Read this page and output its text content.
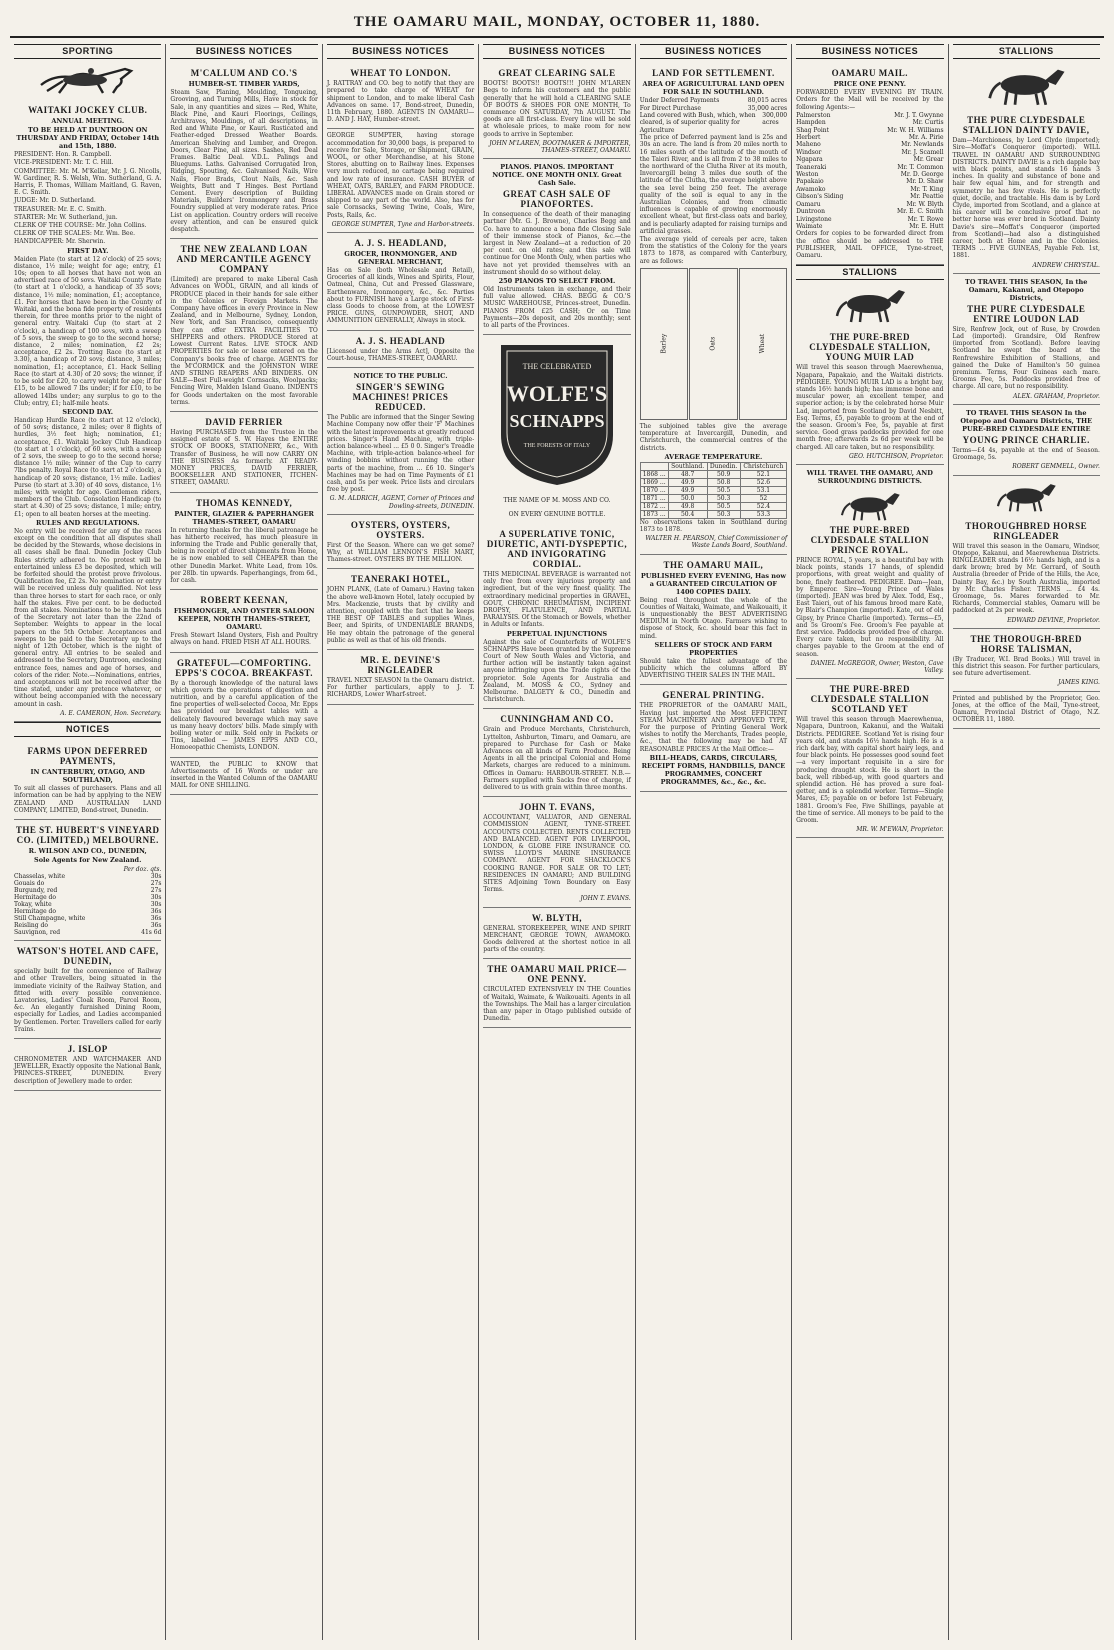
THE OAMARU MAIL, MONDAY, OCTOBER 11, 1880.
SPORTING
WAITAKI JOCKEY CLUB.
ANNUAL MEETING.
TO BE HELD AT DUNTROON ON THURSDAY AND FRIDAY, October 14th and 15th, 1880.

PRESIDENT: Hon. R. Campbell.

VICE-PRESIDENT: Mr. T. C. Hill.

COMMITTEE: Mr. M. M'Kellar, Mr. J. G. Nicolls, W. Gardiner, R. S. Welsh, Wm. Sutherland, G. A. Harris, F. Thomas, William Maitland, G. Raven, E. C. Smith.

JUDGE: Mr. D. Sutherland.

TREASURER: Mr. E. C. Smith.

STARTER: Mr. W. Sutherland, jun.

CLERK OF THE COURSE: Mr. John Collins.

CLERK OF THE SCALES: Mr. Wm. Bee.

HANDICAPPER: Mr. Sherwin.

FIRST DAY.

Maiden Plate (to start at 12 o'clock) of 25 sovs; distance, 1½ mile; weight for age; entry, £1 10s; open to all horses that have not won an advertised race of 50 sovs. Waitaki County Plate (to start at 1 o'clock), a handicap of 35 sovs; distance, 1½ mile; nomination, £1; acceptance, £1. For horses that have been in the County of Waitaki, and the bona fide property of residents therein, for three months prior to the night of general entry. Waitaki Cup (to start at 2 o'clock), a handicap of 100 sovs, with a sweep of 5 sovs, the sweep to go to the second horse; distance, 2 miles; nomination, £2 2s; acceptance, £2 2s. Trotting Race (to start at 3.30), a handicap of 20 sovs; distance, 3 miles; nomination, £1; acceptance, £1. Hack Selling Race (to start at 4.30) of 20 sovs; the winner, if to be sold for £20, to carry weight for age; if for £15, to be allowed 7 lbs under; if for £10, to be allowed 14lbs under; any surplus to go to the Club; entry, £1; half-mile heats.

SECOND DAY.

Handicap Hurdle Race (to start at 12 o'clock), of 50 sovs; distance, 2 miles; over 8 flights of hurdles, 3½ feet high; nomination, £1; acceptance, £1. Waitaki Jockey Club Handicap (to start at 1 o'clock), of 60 sovs, with a sweep of 2 sovs, the sweep to go to the second horse; distance 1½ mile; winner of the Cup to carry 7lbs penalty. Royal Race (to start at 2 o'clock), a handicap of 20 sovs; distance, 1½ mile. Ladies' Purse (to start at 3.30) of 40 sovs, distance, 1½ miles; with weight for age. Gentlemen riders, members of the Club. Consolation Handicap (to start at 4.30) of 25 sovs; distance, 1 mile; entry, £1; open to all beaten horses at the meeting.

RULES AND REGULATIONS.

No entry will be received for any of the races except on the condition that all disputes shall be decided by the Stewards, whose decisions in all cases shall be final. Dunedin Jockey Club Rules strictly adhered to. No protest will be entertained unless £3 be deposited, which will be forfeited should the protest prove frivolous. Qualification fee, £2 2s. No nomination or entry will be received unless duly qualified. Not less than three horses to start for each race, or only half the stakes. Five per cent. to be deducted from all stakes. Nominations to be in the hands of the Secretary not later than the 22nd of September. Weights to appear in the local papers on the 5th October. Acceptances and sweeps to be paid to the Secretary up to the night of 12th October, which is the night of general entry. All entries to be sealed and addressed to the Secretary, Duntroon, enclosing entrance fees, names and age of horses, and colors of the rider. Note.—Nominations, entries, and acceptances will not be received after the time stated, under any pretence whatever, or without being accompanied with the necessary amount in cash.

A. E. CAMERON, Hon. Secretary.
NOTICES
FARMS UPON DEFERRED PAYMENTS,
IN CANTERBURY, OTAGO, AND SOUTHLAND,

To suit all classes of purchasers. Plans and all information can be had by applying to the NEW ZEALAND AND AUSTRALIAN LAND COMPANY, LIMITED, Bond-street, Dunedin.

THE ST. HUBERT'S VINEYARD CO. (LIMITED,) MELBOURNE.
R. WILSON AND CO., DUNEDIN,
Sole Agents for New Zealand.
Per doz. qts.
Chasselas, white	30s
Gouais do	27s
Burgundy, red	27s
Hermitage do	30s
Tokay, white	30s
Hermitage do	36s
Still Champagne, white	36s
Reisling do	36s
Sauvignon, red	41s 6d
WATSON'S HOTEL AND CAFE, DUNEDIN,

specially built for the convenience of Railway and other Travellers, being situated in the immediate vicinity of the Railway Station, and fitted with every possible convenience. Lavatories, Ladies' Cloak Room, Parcel Room, &c. An elegantly furnished Dining Room, especially for Ladies, and Ladies accompanied by Gentlemen. Porter. Travellers called for early Trains.

J. ISLOP

CHRONOMETER AND WATCHMAKER AND JEWELLER, Exactly opposite the National Bank, PRINCES-STREET, DUNEDIN. Every description of Jewellery made to order.

BUSINESS NOTICES
M'CALLUM AND CO.'S
HUMBER-ST. TIMBER YARDS,

Steam Saw, Planing, Moulding, Tongueing, Grooving, and Turning Mills, Have in stock for Sale, in any quantities and sizes — Red, White, Black Pine, and Kauri Floorings, Ceilings, Architraves, Mouldings, of all descriptions, in Red and White Pine, or Kauri. Rusticated and Feather-edged Dressed Weather Boards. American Shelving and Lumber, and Oregon. Doors, Clear Pine, all sizes. Sashes, Red Deal Frames. Baltic Deal. V.D.L. Palings and Bluegums. Laths. Galvanised Corrugated Iron, Ridging, Spouting, &c. Galvanised Nails, Wire Nails, Floor Brads, Clout Nails, &c. Sash Weights, Butt and T Hinges. Best Portland Cement. Every description of Building Materials, Builders' Ironmongery and Brass Foundry supplied at very moderate rates. Price List on application. Country orders will receive every attention, and can be ensured quick despatch.

THE NEW ZEALAND LOAN AND MERCANTILE AGENCY COMPANY

(Limited) are prepared to make Liberal Cash Advances on WOOL, GRAIN, and all kinds of PRODUCE placed in their hands for sale either in the Colonies or Foreign Markets. The Company have offices in every Province in New Zealand, and in Melbourne, Sydney, London, New York, and San Francisco, consequently they can offer EXTRA FACILITIES TO SHIPPERS and others. PRODUCE Stored at Lowest Current Rates. LIVE STOCK AND PROPERTIES for sale or lease entered on the Company's books free of charge. AGENTS for the M'CORMICK and the JOHNSTON WIRE AND STRING REAPERS AND BINDERS. ON SALE—Best Full-weight Cornsacks, Woolpacks; Fencing Wire, Malden Island Guano. INDENTS for Goods undertaken on the most favorable terms.

DAVID FERRIER

Having PURCHASED from the Trustee in the assigned estate of S. W. Hayes the ENTIRE STOCK OF BOOKS, STATIONERY, &c., With Transfer of Business, he will now CARRY ON THE BUSINESS As formerly. AT READY-MONEY PRICES, DAVID FERRIER, BOOKSELLER AND STATIONER, ITCHEN-STREET, OAMARU.

THOMAS KENNEDY,
PAINTER, GLAZIER & PAPERHANGER THAMES-STREET, OAMARU

In returning thanks for the liberal patronage he has hitherto received, has much pleasure in informing the Trade and Public generally that, being in receipt of direct shipments from Home, he is now enabled to sell CHEAPER than the other Dunedin Market. White Lead, from 10s. per 28lb. tin upwards. Paperhangings, from 6d., for cash.

ROBERT KEENAN,
FISHMONGER, AND OYSTER SALOON KEEPER, NORTH THAMES-STREET, OAMARU.

Fresh Stewart Island Oysters, Fish and Poultry always on hand. FRIED FISH AT ALL HOURS.

GRATEFUL—COMFORTING. EPPS'S COCOA. BREAKFAST.

By a thorough knowledge of the natural laws which govern the operations of digestion and nutrition, and by a careful application of the fine properties of well-selected Cocoa, Mr. Epps has provided our breakfast tables with a delicately flavoured beverage which may save us many heavy doctors' bills. Made simply with boiling water or milk. Sold only in Packets or Tins, labelled — JAMES EPPS AND CO., Homoeopathic Chemists, LONDON.

WANTED, the PUBLIC to KNOW that Advertisements of 16 Words or under are inserted in the Wanted Column of the OAMARU MAIL for ONE SHILLING.

BUSINESS NOTICES
WHEAT TO LONDON.

J. RATTRAY and CO. beg to notify that they are prepared to take charge of WHEAT for shipment to London, and to make liberal Cash Advances on same. 17, Bond-street, Dunedin, 11th February, 1880. AGENTS IN OAMARU— D. AND J. HAY, Humber-street.

GEORGE SUMPTER, having storage accommodation for 30,000 bags, is prepared to receive for Sale, Storage, or Shipment, GRAIN, WOOL, or other Merchandise, at his Stone Stores, abutting on to Railway lines. Expenses very much reduced, no cartage being required and low rate of insurance. CASH BUYER of WHEAT, OATS, BARLEY, and FARM PRODUCE. LIBERAL ADVANCES made on Grain stored or shipped to any part of the world. Also, has for sale Cornsacks, Sewing Twine, Coals, Wire, Posts, Rails, &c.

GEORGE SUMPTER, Tyne and Harbor-streets.
A. J. S. HEADLAND,
GROCER, IRONMONGER, AND GENERAL MERCHANT,

Has on Sale (both Wholesale and Retail), Groceries of all kinds, Wines and Spirits, Flour, Oatmeal, China, Cut and Pressed Glassware, Earthenware, Ironmongery, &c., &c. Parties about to FURNISH have a Large stock of First-class Goods to choose from, at the LOWEST PRICE. GUNS, GUNPOWDER, SHOT, AND AMMUNITION GENERALLY, Always in stock.

A. J. S. HEADLAND

[Licensed under the Arms Act], Opposite the Court-house, THAMES-STREET, OAMARU.

NOTICE TO THE PUBLIC.
SINGER'S SEWING MACHINES! PRICES REDUCED.

The Public are informed that the Singer Sewing Machine Company now offer their 'F' Machines with the latest improvements at greatly reduced prices. Singer's Hand Machine, with triple-action balance-wheel ... £5 0 0. Singer's Treadle Machine, with triple-action balance-wheel for winding bobbins without running the other parts of the machine, from ... £6 10. Singer's Machines may be had on Time Payments of £1 cash, and 5s per week. Price lists and circulars free by post.

G. M. ALDRICH, AGENT, Corner of Princes and Dowling-streets, DUNEDIN.
OYSTERS, OYSTERS, OYSTERS.

First Of the Season. Where can we get some? Why, at WILLIAM LENNON'S FISH MART, Thames-street. OYSTERS BY THE MILLION.

TEANERAKI HOTEL,

JOHN PLANK, (Late of Oamaru.) Having taken the above well-known Hotel, lately occupied by Mrs. Mackenzie, trusts that by civility and attention, coupled with the fact that he keeps THE BEST OF TABLES and supplies Wines, Beer, and Spirits, of UNDENIABLE BRANDS, He may obtain the patronage of the general public as well as that of his old friends.

MR. E. DEVINE'S RINGLEADER

TRAVEL NEXT SEASON In the Oamaru district. For further particulars, apply to J. T. RICHARDS, Lower Wharf-street.

BUSINESS NOTICES
GREAT CLEARING SALE

BOOTS! BOOTS!! BOOTS!!! JOHN M'LAREN Begs to inform his customers and the public generally that he will hold a CLEARING SALE OF BOOTS & SHOES FOR ONE MONTH, To commence ON SATURDAY, 7th AUGUST. The goods are all first-class. Every line will be sold at wholesale prices, to make room for new goods to arrive in September.

JOHN M'LAREN, BOOTMAKER & IMPORTER, THAMES-STREET, OAMARU.
PIANOS. PIANOS. IMPORTANT NOTICE. ONE MONTH ONLY. Great Cash Sale.
GREAT CASH SALE OF PIANOFORTES.

In consequence of the death of their managing partner (Mr. G. J. Browne), Charles Begg and Co. have to announce a bona fide Closing Sale of their immense stock of Pianos, &c.—the largest in New Zealand—at a reduction of 20 per cent. on old rates; and this sale will continue for One Month Only, when parties who have not yet provided themselves with an instrument should do so without delay.

250 PIANOS TO SELECT FROM.

Old Instruments taken in exchange, and their full value allowed. CHAS. BEGG & CO.'S MUSIC WAREHOUSE, Princes-street, Dunedin. PIANOS FROM £25 CASH; Or on Time Payments—20s deposit, and 20s monthly; sent to all parts of the Provinces.

THE CELEBRATED
WOLFE'S
SCHNAPPS
THE FORESTS OF ITALY

THE NAME OF M. MOSS AND CO.

ON EVERY GENUINE BOTTLE.

A SUPERLATIVE TONIC, DIURETIC, ANTI-DYSPEPTIC, AND INVIGORATING CORDIAL.

THIS MEDICINAL BEVERAGE is warranted not only free from every injurious property and ingredient, but of the very finest quality. The extraordinary medicinal properties in GRAVEL, GOUT, CHRONIC RHEUMATISM, INCIPIENT DROPSY, FLATULENCE, AND PARTIAL PARALYSIS. Of the Stomach or Bowels, whether in Adults or Infants.

PERPETUAL INJUNCTIONS

Against the sale of Counterfeits of WOLFE'S SCHNAPPS Have been granted by the Supreme Court of New South Wales and Victoria, and further action will be instantly taken against anyone infringing upon the Trade rights of the proprietor. Sole Agents for Australia and Zealand, M. MOSS & CO., Sydney and Melbourne. DALGETY & CO., Dunedin and Christchurch.

CUNNINGHAM AND CO.

Grain and Produce Merchants, Christchurch, Lyttelton, Ashburton, Timaru, and Oamaru, are prepared to Purchase for Cash or Make Advances on all kinds of Farm Produce. Being Agents in all the principal Colonial and Home Markets, charges are reduced to a minimum. Offices in Oamaru: HARBOUR-STREET. N.B.—Farmers supplied with Sacks free of charge, if delivered to us with grain within three months.

JOHN T. EVANS,

ACCOUNTANT, VALUATOR, AND GENERAL COMMISSION AGENT, TYNE-STREET. ACCOUNTS COLLECTED. RENTS COLLECTED AND BALANCED. AGENT FOR LIVERPOOL, LONDON, & GLOBE FIRE INSURANCE CO. SWISS LLOYD'S MARINE INSURANCE COMPANY. AGENT FOR SHACKLOCK'S COOKING RANGE. FOR SALE OR TO LET; RESIDENCES IN OAMARU; AND BUILDING SITES Adjoining Town Boundary on Easy Terms.

JOHN T. EVANS.
W. BLYTH,

GENERAL STOREKEEPER, WINE AND SPIRIT MERCHANT, GEORGE TOWN, AWAMOKO. Goods delivered at the shortest notice in all parts of the country.

THE OAMARU MAIL PRICE—ONE PENNY.

CIRCULATED EXTENSIVELY IN THE Counties of Waitaki, Waimate, & Waikouaiti. Agents in all the Townships. The Mail has a larger circulation than any paper in Otago published outside of Dunedin.

BUSINESS NOTICES
LAND FOR SETTLEMENT.
AREA OF AGRICULTURAL LAND OPEN FOR SALE IN SOUTHLAND.
Under Deferred Payments	80,015 acres
For Direct Purchase	35,000 acres
Land covered with Bush, which, when cleared, is of superior quality for Agriculture
300,000 acres

The price of Deferred payment land is 25s and 30s an acre. The land is from 20 miles north to 16 miles south of the latitude of the mouth of the Taieri River, and is all from 2 to 38 miles to the northward of the Clutha River at its mouth, Invercargill being 3 miles due south of the latitude of the Clutha, the average height above the sea level being 250 feet. The average quality of the soil is equal to any in the Australian Colonies, and from climatic influences is capable of growing enormously excellent wheat, but first-class oats and barley, and is peculiarly adapted for raising turnips and artificial grasses.

The average yield of cereals per acre, taken from the statistics of the Colony for the years 1873 to 1878, as compared with Canterbury, are as follows:

Barley	Oats	Wheat

The subjoined tables give the average temperature at Invercargill, Dunedin, and Christchurch, the commercial centres of the districts.

AVERAGE TEMPERATURE.
	Southland.	Dunedin.	Christchurch
1868 ...	48.7	50.9	52.1
1869 ...	49.9	50.8	52.6
1870 ...	49.9	50.5	53.1
1871 ...	50.0	50.3	52
1872 ...	49.8	50.5	52.4
1873 ...	50.4	50.3	53.3

No observations taken in Southland during 1873 to 1878.

WALTER H. PEARSON, Chief Commissioner of Waste Lands Board, Southland.
THE OAMARU MAIL,
PUBLISHED EVERY EVENING, Has now a GUARANTEED CIRCULATION OF 1400 COPIES DAILY.

Being read throughout the whole of the Counties of Waitaki, Waimate, and Waikouaiti, it is unquestionably the BEST ADVERTISING MEDIUM in North Otago. Farmers wishing to dispose of Stock, &c. should bear this fact in mind.

SELLERS OF STOCK AND FARM PROPERTIES

Should take the fullest advantage of the publicity which the columns afford BY ADVERTISING THEIR SALES IN THE MAIL.

GENERAL PRINTING.

THE PROPRIETOR of the OAMARU MAIL, Having just imported the Most EFFICIENT STEAM MACHINERY AND APPROVED TYPE, For the purpose of Printing General Work wishes to notify the Merchants, Trades people, &c., that the following may be had AT REASONABLE PRICES At the Mail Office:—

BILL-HEADS, CARDS, CIRCULARS, RECEIPT FORMS, HANDBILLS, DANCE PROGRAMMES, CONCERT PROGRAMMES, &c., &c., &c.
BUSINESS NOTICES
OAMARU MAIL.
PRICE ONE PENNY.

FORWARDED EVERY EVENING BY TRAIN. Orders for the Mail will be received by the following Agents:—

Palmerston	Mr. J. T. Gwynne
Hampden	Mr. Curtis
Shag Point	Mr. W. H. Williams
Herbert	Mr. A. Pirie
Maheno	Mr. Newlands
Windsor	Mr. J. Scamell
Ngapara	Mr. Grear
Teaneraki	Mr. T. Common
Weston	Mr. D. George
Papakaio	Mr. D. Shaw
Awamoko	Mr. T. King
Gibson's Siding	Mr. Peattie
Oamaru	Mr. W. Blyth
Duntroon	Mr. E. C. Smith
Livingstone	Mr. T. Rowe
Waimate	Mr. E. Hutt

Orders for copies to be forwarded direct from the office should be addressed to THE PUBLISHER, MAIL OFFICE, Tyne-street, Oamaru.

STALLIONS
THE PURE-BRED CLYDESDALE STALLION, YOUNG MUIR LAD

Will travel this season through Maerewhenua, Ngapara, Papakaio, and the Waitaki districts. PEDIGREE. YOUNG MUIR LAD is a bright bay, stands 16½ hands high; has immense bone and muscular power, an excellent temper, and superior action; is by the celebrated horse Muir Lad, imported from Scotland by David Nesbitt, Esq. Terms, £5, payable to groom at the end of the season. Groom's Fee, 5s, payable at first service. Good grass paddocks provided for one month free; afterwards 2s 6d per week will be charged. All care taken, but no responsibility.

GEO. HUTCHISON, Proprietor.
WILL TRAVEL THE OAMARU, AND SURROUNDING DISTRICTS.
THE PURE-BRED CLYDESDALE STALLION PRINCE ROYAL.

PRINCE ROYAL, 5 years, is a beautiful bay with black points, stands 17 hands, of splendid proportions, with great weight and quality of bone, finely feathered. PEDIGREE. Dam—Jean, by Emperor. Sire—Young Prince of Wales (imported). JEAN was bred by Alex. Todd, Esq., East Taieri, out of his famous brood mare Kate, by Blair's Champion (imported). Kate, out of old Gipsy, by Prince Charlie (imported). Terms—£5, and 5s Groom's Fee. Groom's Fee payable at first service. Paddocks provided free of charge. Every care taken, but no responsibility. All charges payable to the Groom at the end of season.

DANIEL McGREGOR, Owner, Weston, Cave Valley.
THE PURE-BRED CLYDESDALE STALLION SCOTLAND YET

Will travel this season through Maerewhenua, Ngapara, Duntroon, Kakanui, and the Waitaki Districts. PEDIGREE. Scotland Yet is rising four years old, and stands 16½ hands high. He is a rich dark bay, with capital short hairy legs, and four black points. He possesses good sound feet—a very important requisite in a sire for producing draught stock. He is short in the back, well ribbed-up, with good quarters and splendid action. He has proved a sure foal-getter, and is a splendid worker. Terms—Single Mares, £5; payable on or before 1st February, 1881. Groom's Fee, Five Shillings, payable at the time of service. All moneys to be paid to the Groom.

MR. W. M'EWAN, Proprietor.
STALLIONS
THE PURE CLYDESDALE STALLION DAINTY DAVIE,

Dam—Marchioness, by Lord Clyde (imported); Sire—Moffat's Conqueror (imported). WILL TRAVEL IN OAMARU AND SURROUNDING DISTRICTS. DAINTY DAVIE is a rich dapple bay with black points, and stands 16 hands 3 inches. In quality and substance of bone and hair few equal him, and for strength and symmetry he has few rivals. He is perfectly quiet, docile, and tractable. His dam is by Lord Clyde, imported from Scotland, and a glance at his career will be conclusive proof that no better horse was ever bred in Scotland. Dainty Davie's sire—Moffat's Conqueror (imported from Scotland)—had also a distinguished career, both at Home and in the Colonies. TERMS ... FIVE GUINEAS, Payable Feb. 1st, 1881.

ANDREW CHRYSTAL.
TO TRAVEL THIS SEASON, In the Oamaru, Kakanui, and Otepopo Districts,
THE PURE CLYDESDALE ENTIRE LOUDON LAD

Sire, Renfrew Jock, out of Ruse, by Crowden Lad (imported). Grandsire, Old Renfrew (imported from Scotland). Before leaving Scotland he swept the board at the Renfrewshire Exhibition of Stallions, and gained the Duke of Hamilton's 50 guinea premium. Terms, Four Guineas each mare. Grooms Fee, 5s. Paddocks provided free of charge. All care, but no responsibility.

ALEX. GRAHAM, Proprietor.
TO TRAVEL THIS SEASON In the Otepopo and Oamaru Districts, THE PURE-BRED CLYDESDALE ENTIRE
YOUNG PRINCE CHARLIE.

Terms—£4 4s, payable at the end of Season. Groomage, 5s.

ROBERT GEMMELL, Owner.
THOROUGHBRED HORSE RINGLEADER

Will travel this season in the Oamaru, Windsor, Otepopo, Kakanui, and Maerewhenua Districts. RINGLEADER stands 16½ hands high, and is a dark brown; bred by Mr. Gerrard, of South Australia (breeder of Pride of the Hills, the Ace, Dainty Bay, &c.) by South Australia, imported by Mr. Charles Fisher. TERMS ... £4 4s. Groomage, 5s. Mares forwarded to Mr. Richards, Commercial stables, Oamaru will be paddocked at 2s per week.

EDWARD DEVINE, Proprietor.
THE THOROUGH-BRED HORSE TALISMAN,

(By Traducer, W.I. Brad Books.) Will travel in this district this season. For further particulars, see future advertisement.

JAMES KING.

Printed and published by the Proprietor, Geo. Jones, at the office of the Mail, Tyne-street, Oamaru, Provincial District of Otago, N.Z. OCTOBER 11, 1880.
